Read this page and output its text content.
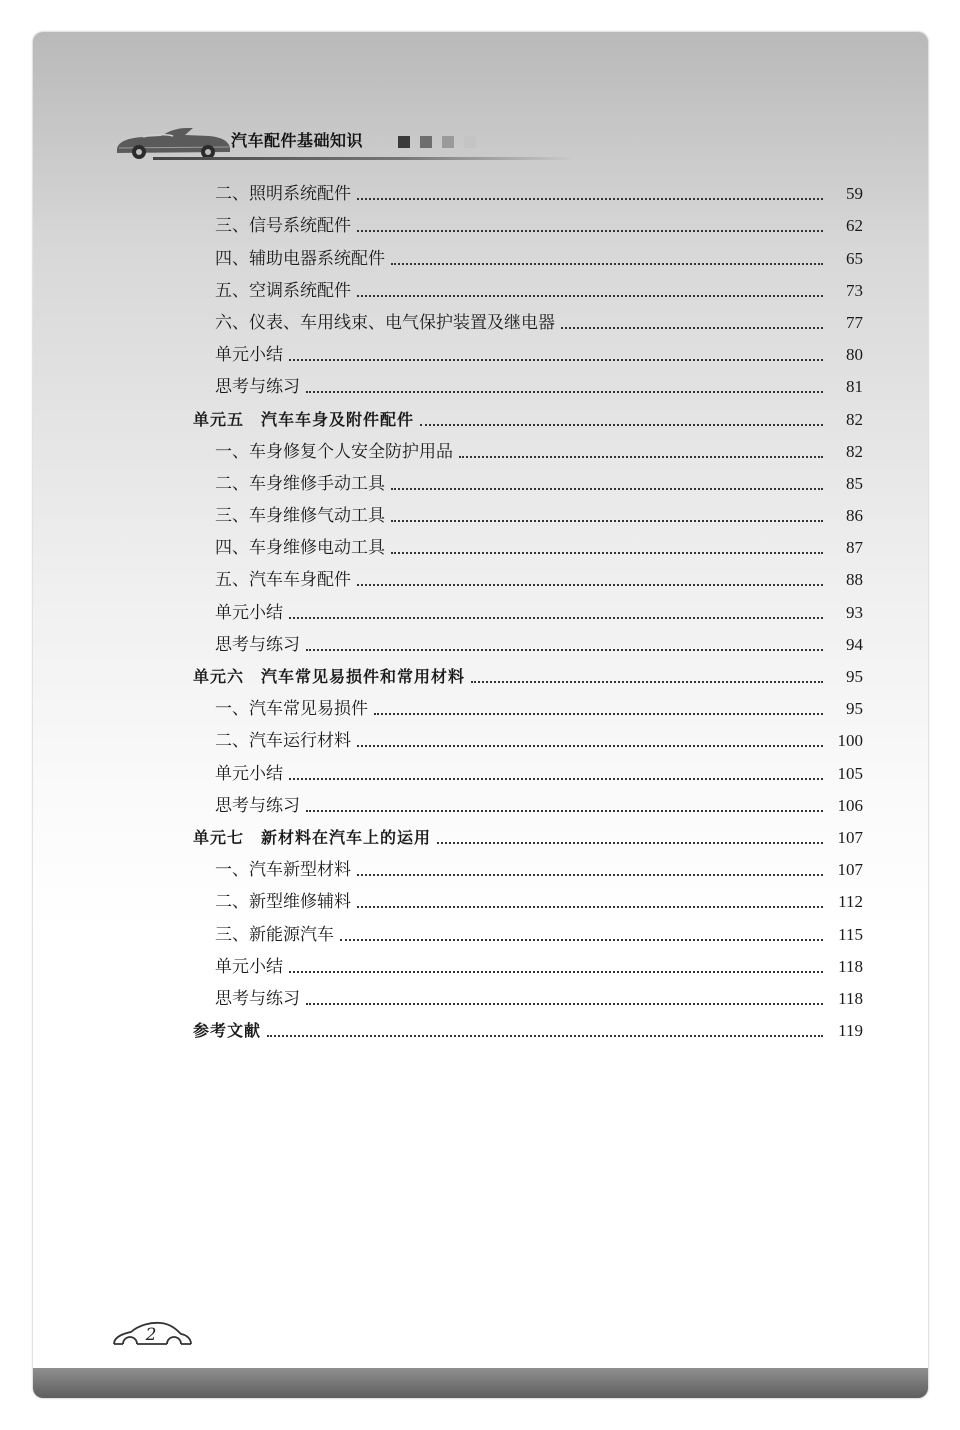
汽车配件基础知识
二、照明系统配件	59
三、信号系统配件	62
四、辅助电器系统配件	65
五、空调系统配件	73
六、仪表、车用线束、电气保护装置及继电器	77
单元小结	80
思考与练习	81
单元五　汽车车身及附件配件	82
一、车身修复个人安全防护用品	82
二、车身维修手动工具	85
三、车身维修气动工具	86
四、车身维修电动工具	87
五、汽车车身配件	88
单元小结	93
思考与练习	94
单元六　汽车常见易损件和常用材料	95
一、汽车常见易损件	95
二、汽车运行材料	100
单元小结	105
思考与练习	106
单元七　新材料在汽车上的运用	107
一、汽车新型材料	107
二、新型维修辅料	112
三、新能源汽车	115
单元小结	118
思考与练习	118
参考文献	119
2
